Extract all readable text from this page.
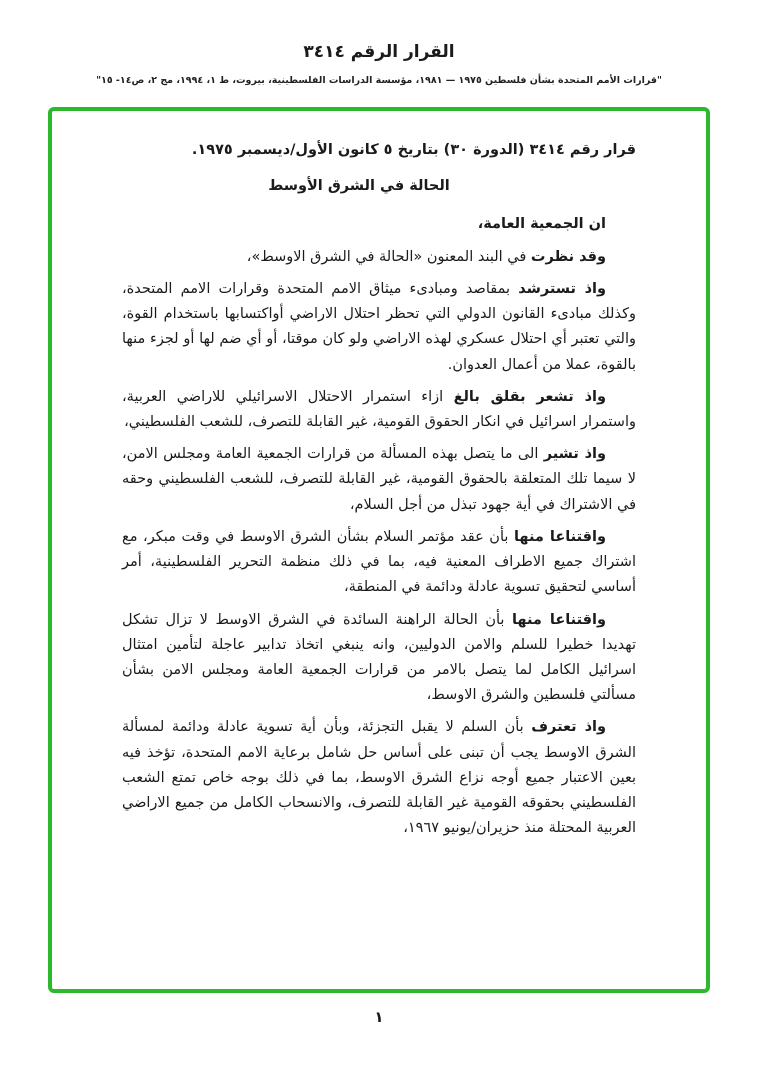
القرار الرقم ٣٤١٤
"قرارات الأمم المتحدة بشأن فلسطين ١٩٧٥ — ١٩٨١، مؤسسة الدراسات الفلسطينية، بيروت، ط ١، ١٩٩٤، مج ٢، ص١٤- ١٥"

قرار رقم ٣٤١٤ (الدورة ٣٠) بتاريخ ٥ كانون الأول/ديسمبر ١٩٧٥.

الحالة في الشرق الأوسط

ان الجمعية العامة،

وقد نظرت في البند المعنون «الحالة في الشرق الاوسط»،

واذ تسترشد بمقاصد ومبادىء ميثاق الامم المتحدة وقرارات الامم المتحدة، وكذلك مبادىء القانون الدولي التي تحظر احتلال الاراضي أواكتسابها باستخدام القوة، والتي تعتبر أي احتلال عسكري لهذه الاراضي ولو كان موقتا، أو أي ضم لها أو لجزء منها بالقوة، عملا من أعمال العدوان.

واذ تشعر بقلق بالغ ازاء استمرار الاحتلال الاسرائيلي للاراضي العربية، واستمرار اسرائيل في انكار الحقوق القومية، غير القابلة للتصرف، للشعب الفلسطيني،

واذ تشير الى ما يتصل بهذه المسألة من قرارات الجمعية العامة ومجلس الامن، لا سيما تلك المتعلقة بالحقوق القومية، غير القابلة للتصرف، للشعب الفلسطيني وحقه في الاشتراك في أية جهود تبذل من أجل السلام،

واقتناعا منها بأن عقد مؤتمر السلام بشأن الشرق الاوسط في وقت مبكر، مع اشتراك جميع الاطراف المعنية فيه، بما في ذلك منظمة التحرير الفلسطينية، أمر أساسي لتحقيق تسوية عادلة ودائمة في المنطقة،

واقتناعا منها بأن الحالة الراهنة السائدة في الشرق الاوسط لا تزال تشكل تهديدا خطيرا للسلم والامن الدوليين، وانه ينبغي اتخاذ تدابير عاجلة لتأمين امتثال اسرائيل الكامل لما يتصل بالامر من قرارات الجمعية العامة ومجلس الامن بشأن مسألتي فلسطين والشرق الاوسط،

واذ تعترف بأن السلم لا يقبل التجزئة، وبأن أية تسوية عادلة ودائمة لمسألة الشرق الاوسط يجب أن تبنى على أساس حل شامل برعاية الامم المتحدة، تؤخذ فيه بعين الاعتبار جميع أوجه نزاع الشرق الاوسط، بما في ذلك بوجه خاص تمتع الشعب الفلسطيني بحقوقه القومية غير القابلة للتصرف، والانسحاب الكامل من جميع الاراضي العربية المحتلة منذ حزيران/يونيو ١٩٦٧،

١
